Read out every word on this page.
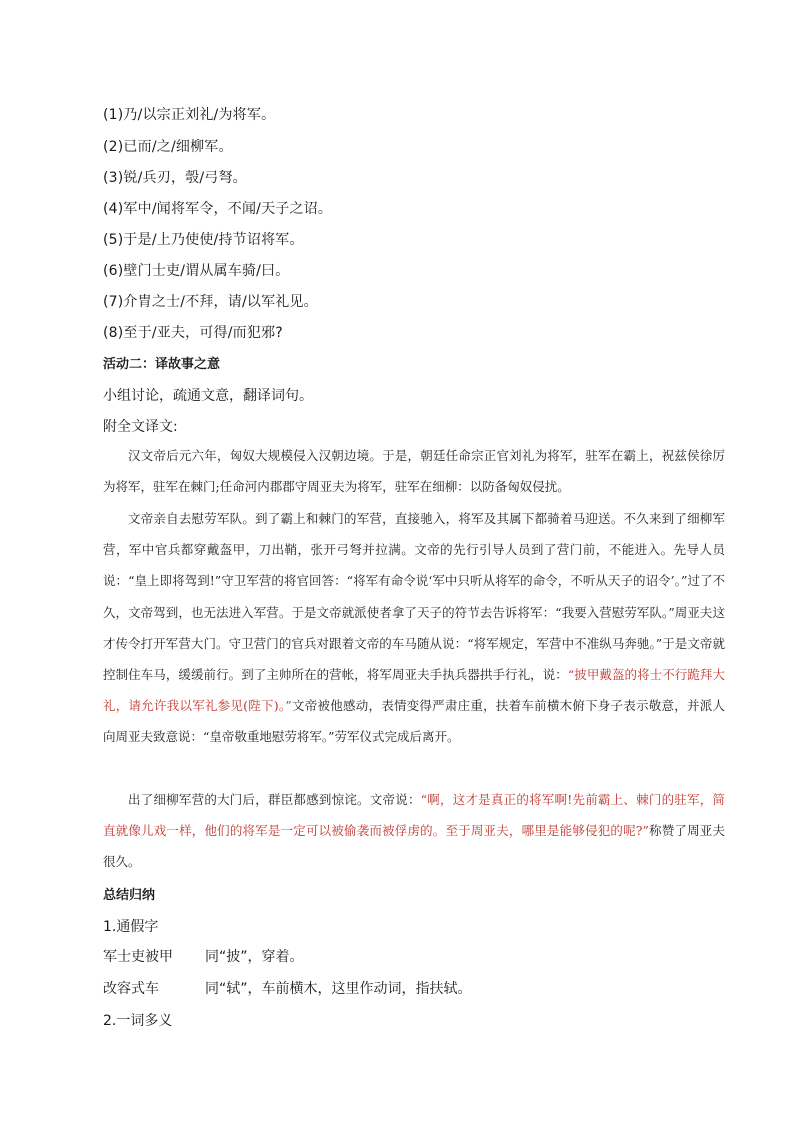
(1)乃/以宗正刘礼/为将军。
(2)已而/之/细柳军。
(3)锐/兵刃，彀/弓弩。
(4)军中/闻将军令，不闻/天子之诏。
(5)于是/上乃使使/持节诏将军。
(6)壁门士吏/谓从属车骑/曰。
(7)介胄之士/不拜，请/以军礼见。
(8)至于/亚夫，可得/而犯邪?
活动二：译故事之意
小组讨论，疏通文意，翻译词句。
附全文译文:
汉文帝后元六年，匈奴大规模侵入汉朝边境。于是，朝廷任命宗正官刘礼为将军，驻军在霸上，祝兹侯徐厉为将军，驻军在棘门;任命河内郡郡守周亚夫为将军，驻军在细柳：以防备匈奴侵扰。
文帝亲自去慰劳军队。到了霸上和棘门的军营，直接驰入，将军及其属下都骑着马迎送。不久来到了细柳军营，军中官兵都穿戴盔甲，刀出鞘，张开弓弩并拉满。文帝的先行引导人员到了营门前，不能进入。先导人员说：“皇上即将驾到!”守卫军营的将官回答：“将军有命令说‘军中只听从将军的命令，不听从天子的诏令’。”过了不久，文帝驾到，也无法进入军营。于是文帝就派使者拿了天子的符节去告诉将军：“我要入营慰劳军队。”周亚夫这才传令打开军营大门。守卫营门的官兵对跟着文帝的车马随从说：“将军规定，军营中不准纵马奔驰。”于是文帝就控制住车马，缓缓前行。到了主帅所在的营帐，将军周亚夫手执兵器拱手行礼，说：“披甲戴盔的将士不行跪拜大礼，请允许我以军礼参见(陛下)。”文帝被他感动，表情变得严肃庄重，扶着车前横木俯下身子表示敬意，并派人向周亚夫致意说：“皇帝敬重地慰劳将军。”劳军仪式完成后离开。
出了细柳军营的大门后，群臣都感到惊诧。文帝说：“啊，这才是真正的将军啊!先前霸上、棘门的驻军，简直就像儿戏一样，他们的将军是一定可以被偷袭而被俘虏的。至于周亚夫，哪里是能够侵犯的呢?”称赞了周亚夫很久。
总结归纳
1.通假字
军士吏被甲 同“披”，穿着。
改容式车	同“轼”，车前横木，这里作动词，指扶轼。
2.一词多义
